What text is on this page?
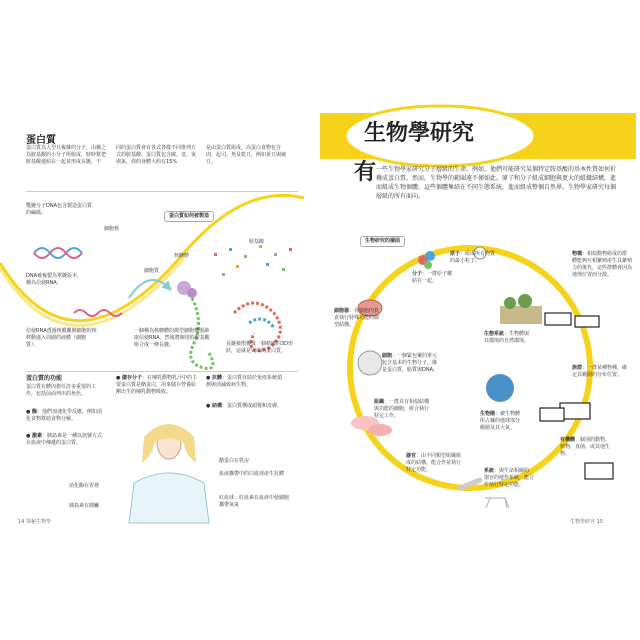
蛋白質
蛋白質為大型且複雜的分子，由稱之為胺基酸的小分子所組成，時時幫把胺基酸連結在一起並形成長鏈。不
同的蛋白質會有各式各樣不同排列方式的胺基酸。蛋白質包含碳、氫、氧與氮，你的身體大約有15%
是由蛋白質組成。高蛋白食物包含肉、起司、魚及乾豆，例如黃豆與豌豆。
雙鏈分子DNA包含製造蛋白質的編碼。
細胞核
蛋白質如何被製造
胺基酸
細胞質
核糖體
DNA被複製為單鏈版本，稱為信使RNA。
信使RNA透過核膜離開細胞的核移動進入周圍的液體（細胞質）。
一個稱為核糖體的微型細胞機器讀取信使RNA，然後將個別的胺基酸組合成一條長鏈。	長鏈被摺疊成一個精確的3D形狀，這就是完成的蛋白質。
蛋白質的功能
蛋白質在體內擔任許多重要的工作，包括前面列出的角色。
● 酶：他們加速化學反應，例如消化食物幫助食物分解。
● 激素：胰島素是一種以訊號方式在血液中傳遞的蛋白質。
● 儲存分子：在哺乳動物乳汁中的主要蛋白質是酪蛋白，用來儲存營養給剛出生的哺乳動物吸收。
● 結構：蛋白質構成頭髮和皮膚。
● 抗體：蛋白質有助於免疫系統偵測與消滅致病生物。
消化酶在胃裡
胰島素在胰臟
酪蛋白在乳房
血液攜帶中的白血球產生抗體
紅血球：紅血素在血液中使細胞攜帶氧氣
14 探秘生物學
生物學研究
有 一些生物學家研究分子層級的生命。例如，他們可能研究某個特定胺基酸的基本性質如何折疊成蛋白質。然而，生物學的範圍遠不僅如此。原子和分子組成細胞與更大的組織結構，進而組成生物個體。這些個體集結在不同生態系統，進而組成整個自然界。生物學家研究每個層級的所有面向。
生物研究的層面
分子：一群原子鍵結在一起。
原子：組成所有物質的最小粒子。
細胞器：在細胞內負責執行特殊功能的微型結構。
細胞：一個緊包覆的單元包含基本的生物分子，像是蛋白質、脂質與DNA。
組織：一群具有相似結構與功能的細胞，組合執行特定工作。
器官：由不同類型組織組成的結構，能合作並執行特定功能。	系統：與生命相關的器官的運作系統，能合作執行特定功能。
物種：相似動物組成的群體能夠互相繁殖產生具繁殖力的後代，這些群體會因為地理位置而分散。
生態系統：生物體與其環境的自然環境。
族群：一群某種物種，確定其範圍的分布位置。
生物圈：被生物體所占據的地球部分範圍及其大氣。
有機體：個別的動物、植物、真菌，或其他生物。
生物學研究 15
